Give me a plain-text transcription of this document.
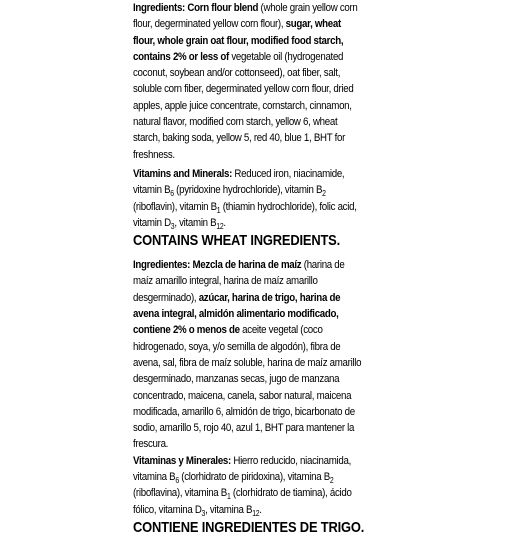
Ingredients: Corn flour blend (whole grain yellow corn flour, degerminated yellow corn flour), sugar, wheat flour, whole grain oat flour, modified food starch, contains 2% or less of vegetable oil (hydrogenated coconut, soybean and/or cottonseed), oat fiber, salt, soluble corn fiber, degerminated yellow corn flour, dried apples, apple juice concentrate, cornstarch, cinnamon, natural flavor, modified corn starch, yellow 6, wheat starch, baking soda, yellow 5, red 40, blue 1, BHT for freshness.

Vitamins and Minerals: Reduced iron, niacinamide, vitamin $B_6$ (pyridoxine hydrochloride), vitamin $B_2$ (riboflavin), vitamin $B_1$ (thiamin hydrochloride), folic acid, vitamin $D_3$, vitamin $B_{12}$.

CONTAINS WHEAT INGREDIENTS.

Ingredientes: Mezcla de harina de maíz (harina de maíz amarillo integral, harina de maíz amarillo desgerminado), azúcar, harina de trigo, harina de avena integral, almidón alimentario modificado, contiene 2% o menos de aceite vegetal (coco hidrogenado, soya, y/o semilla de algodón), fibra de avena, sal, fibra de maíz soluble, harina de maíz amarillo desgerminado, manzanas secas, jugo de manzana concentrado, maicena, canela, sabor natural, maicena modificada, amarillo 6, almidón de trigo, bicarbonato de sodio, amarillo 5, rojo 40, azul 1, BHT para mantener la frescura.

Vitaminas y Minerales: Hierro reducido, niacinamida, vitamina $B_6$ (clorhidrato de piridoxina), vitamina $B_2$ (riboflavina), vitamina $B_1$ (clorhidrato de tiamina), ácido fólico, vitamina $D_3$, vitamina $B_{12}$.

CONTIENE INGREDIENTES DE TRIGO.
